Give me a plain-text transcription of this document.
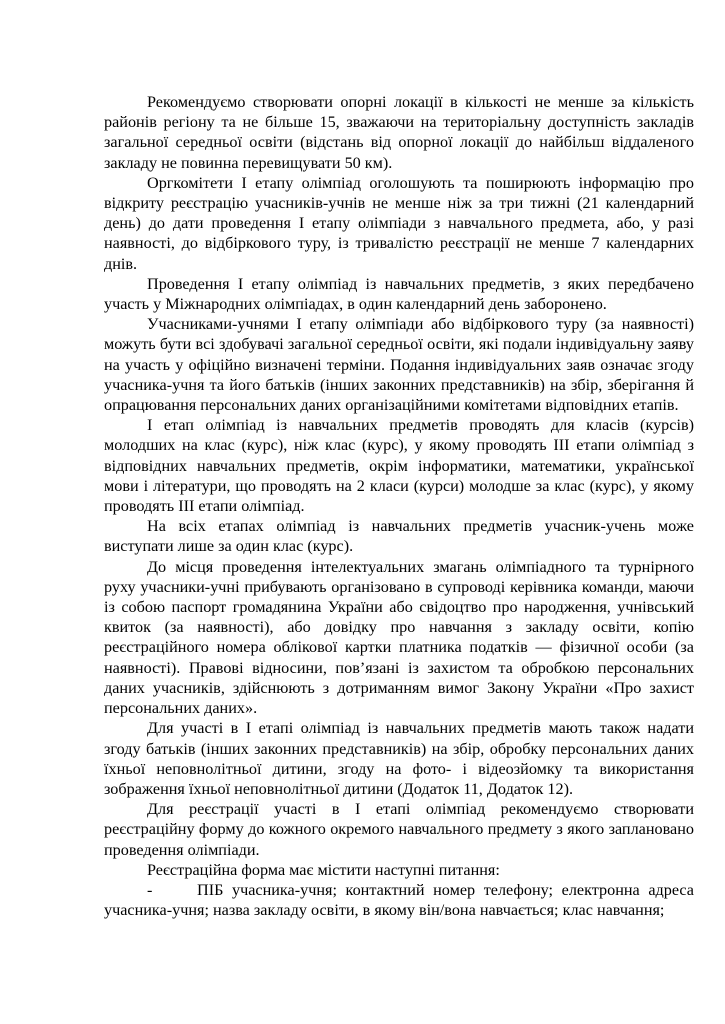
Рекомендуємо створювати опорні локації в кількості не менше за кількість районів регіону та не більше 15, зважаючи на територіальну доступність закладів загальної середньої освіти (відстань від опорної локації до найбільш віддаленого закладу не повинна перевищувати 50 км).

Оргкомітети І етапу олімпіад оголошують та поширюють інформацію про відкриту реєстрацію учасників-учнів не менше ніж за три тижні (21 календарний день) до дати проведення І етапу олімпіади з навчального предмета, або, у разі наявності, до відбіркового туру, із тривалістю реєстрації не менше 7 календарних днів.

Проведення І етапу олімпіад із навчальних предметів, з яких передбачено участь у Міжнародних олімпіадах, в один календарний день заборонено.

Учасниками-учнями І етапу олімпіади або відбіркового туру (за наявності) можуть бути всі здобувачі загальної середньої освіти, які подали індивідуальну заяву на участь у офіційно визначені терміни. Подання індивідуальних заяв означає згоду учасника-учня та його батьків (інших законних представників) на збір, зберігання й опрацювання персональних даних організаційними комітетами відповідних етапів.

І етап олімпіад із навчальних предметів проводять для класів (курсів) молодших на клас (курс), ніж клас (курс), у якому проводять ІІІ етапи олімпіад з відповідних навчальних предметів, окрім інформатики, математики, української мови і літератури, що проводять на 2 класи (курси) молодше за клас (курс), у якому проводять ІІІ етапи олімпіад.

На всіх етапах олімпіад із навчальних предметів учасник-учень може виступати лише за один клас (курс).

До місця проведення інтелектуальних змагань олімпіадного та турнірного руху учасники-учні прибувають організовано в супроводі керівника команди, маючи із собою паспорт громадянина України або свідоцтво про народження, учнівський квиток (за наявності), або довідку про навчання з закладу освіти, копію реєстраційного номера облікової картки платника податків — фізичної особи (за наявності). Правові відносини, пов’язані із захистом та обробкою персональних даних учасників, здійснюють з дотриманням вимог Закону України «Про захист персональних даних».

Для участі в І етапі олімпіад із навчальних предметів мають також надати згоду батьків (інших законних представників) на збір, обробку персональних даних їхньої неповнолітньої дитини, згоду на фото- і відеозйомку та використання зображення їхньої неповнолітньої дитини (Додаток 11, Додаток 12).

Для реєстрації участі в І етапі олімпіад рекомендуємо створювати реєстраційну форму до кожного окремого навчального предмету з якого заплановано проведення олімпіади.

Реєстраційна форма має містити наступні питання:

-	ПІБ учасника-учня; контактний номер телефону; електронна адреса учасника-учня; назва закладу освіти, в якому він/вона навчається; клас навчання;
